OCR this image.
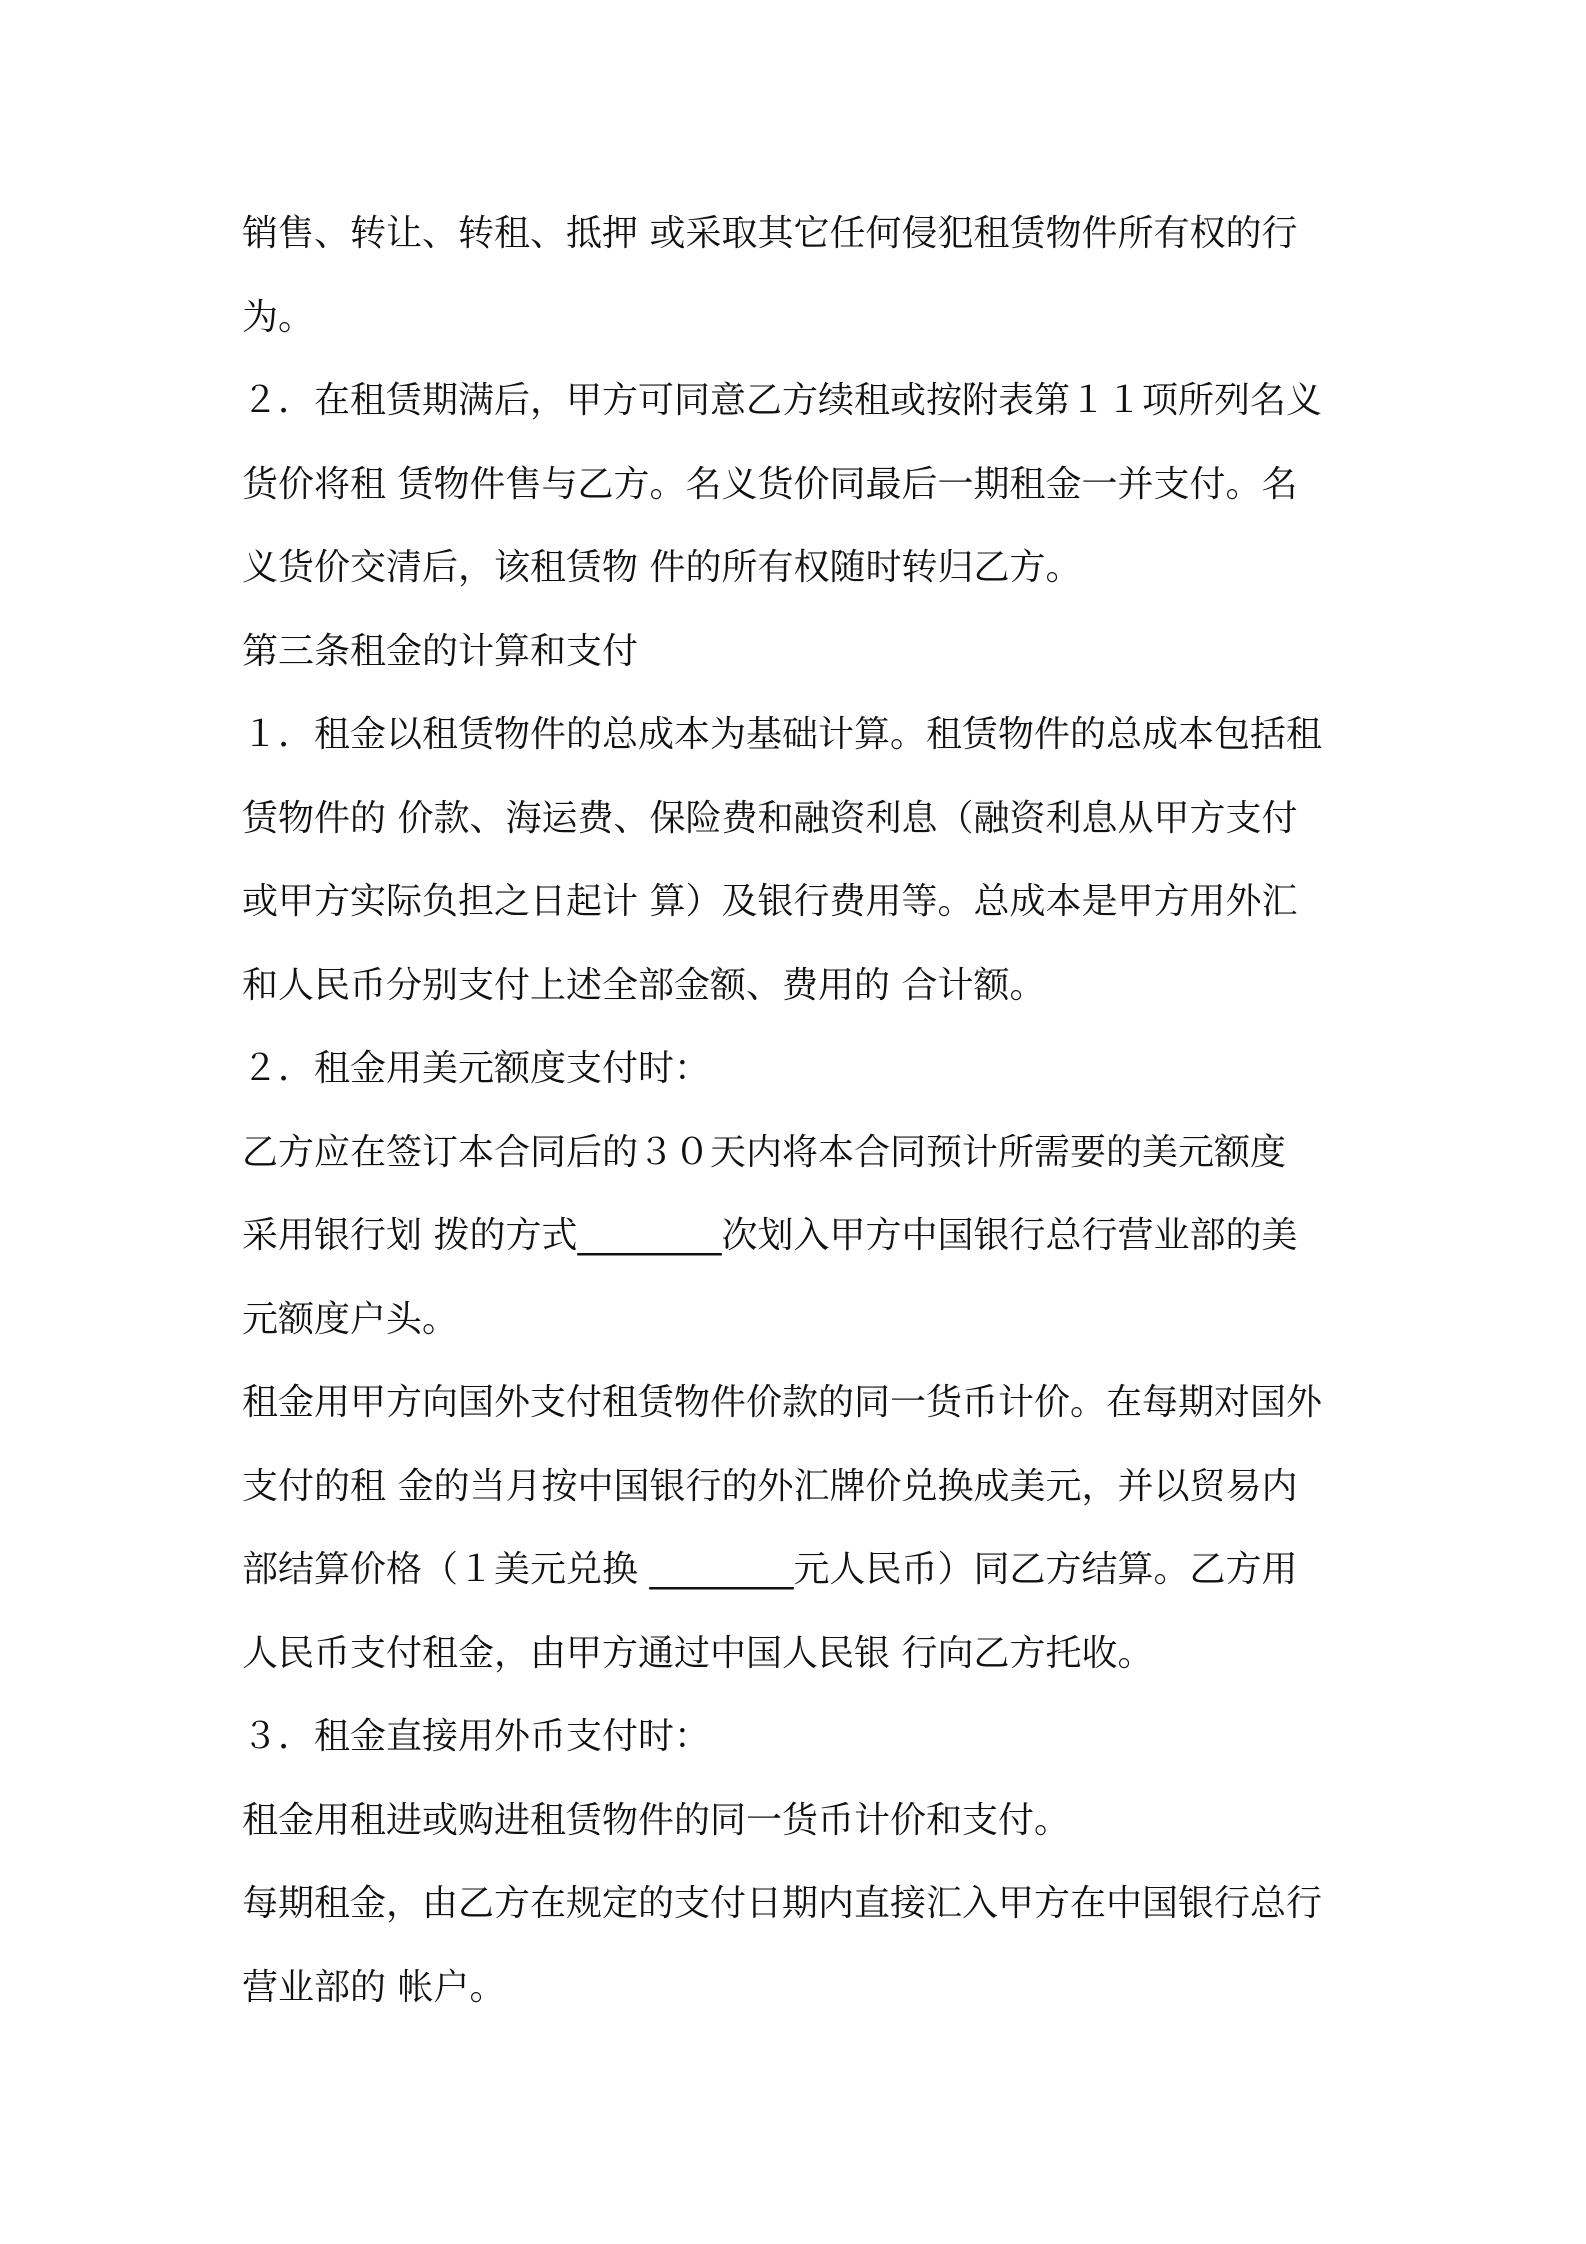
销售、转让、转租、抵押 或采取其它任何侵犯租赁物件所有权的行
为。
２．在租赁期满后，甲方可同意乙方续租或按附表第１１项所列名义
货价将租 赁物件售与乙方。名义货价同最后一期租金一并支付。名
义货价交清后，该租赁物 件的所有权随时转归乙方。
第三条租金的计算和支付
１．租金以租赁物件的总成本为基础计算。租赁物件的总成本包括租
赁物件的 价款、海运费、保险费和融资利息（融资利息从甲方支付
或甲方实际负担之日起计 算）及银行费用等。总成本是甲方用外汇
和人民币分别支付上述全部金额、费用的 合计额。
２．租金用美元额度支付时：
乙方应在签订本合同后的３０天内将本合同预计所需要的美元额度
采用银行划 拨的方式________次划入甲方中国银行总行营业部的美
元额度户头。
租金用甲方向国外支付租赁物件价款的同一货币计价。在每期对国外
支付的租 金的当月按中国银行的外汇牌价兑换成美元，并以贸易内
部结算价格（１美元兑换 ________元人民币）同乙方结算。乙方用
人民币支付租金，由甲方通过中国人民银 行向乙方托收。
３．租金直接用外币支付时：
租金用租进或购进租赁物件的同一货币计价和支付。
每期租金，由乙方在规定的支付日期内直接汇入甲方在中国银行总行
营业部的 帐户。
